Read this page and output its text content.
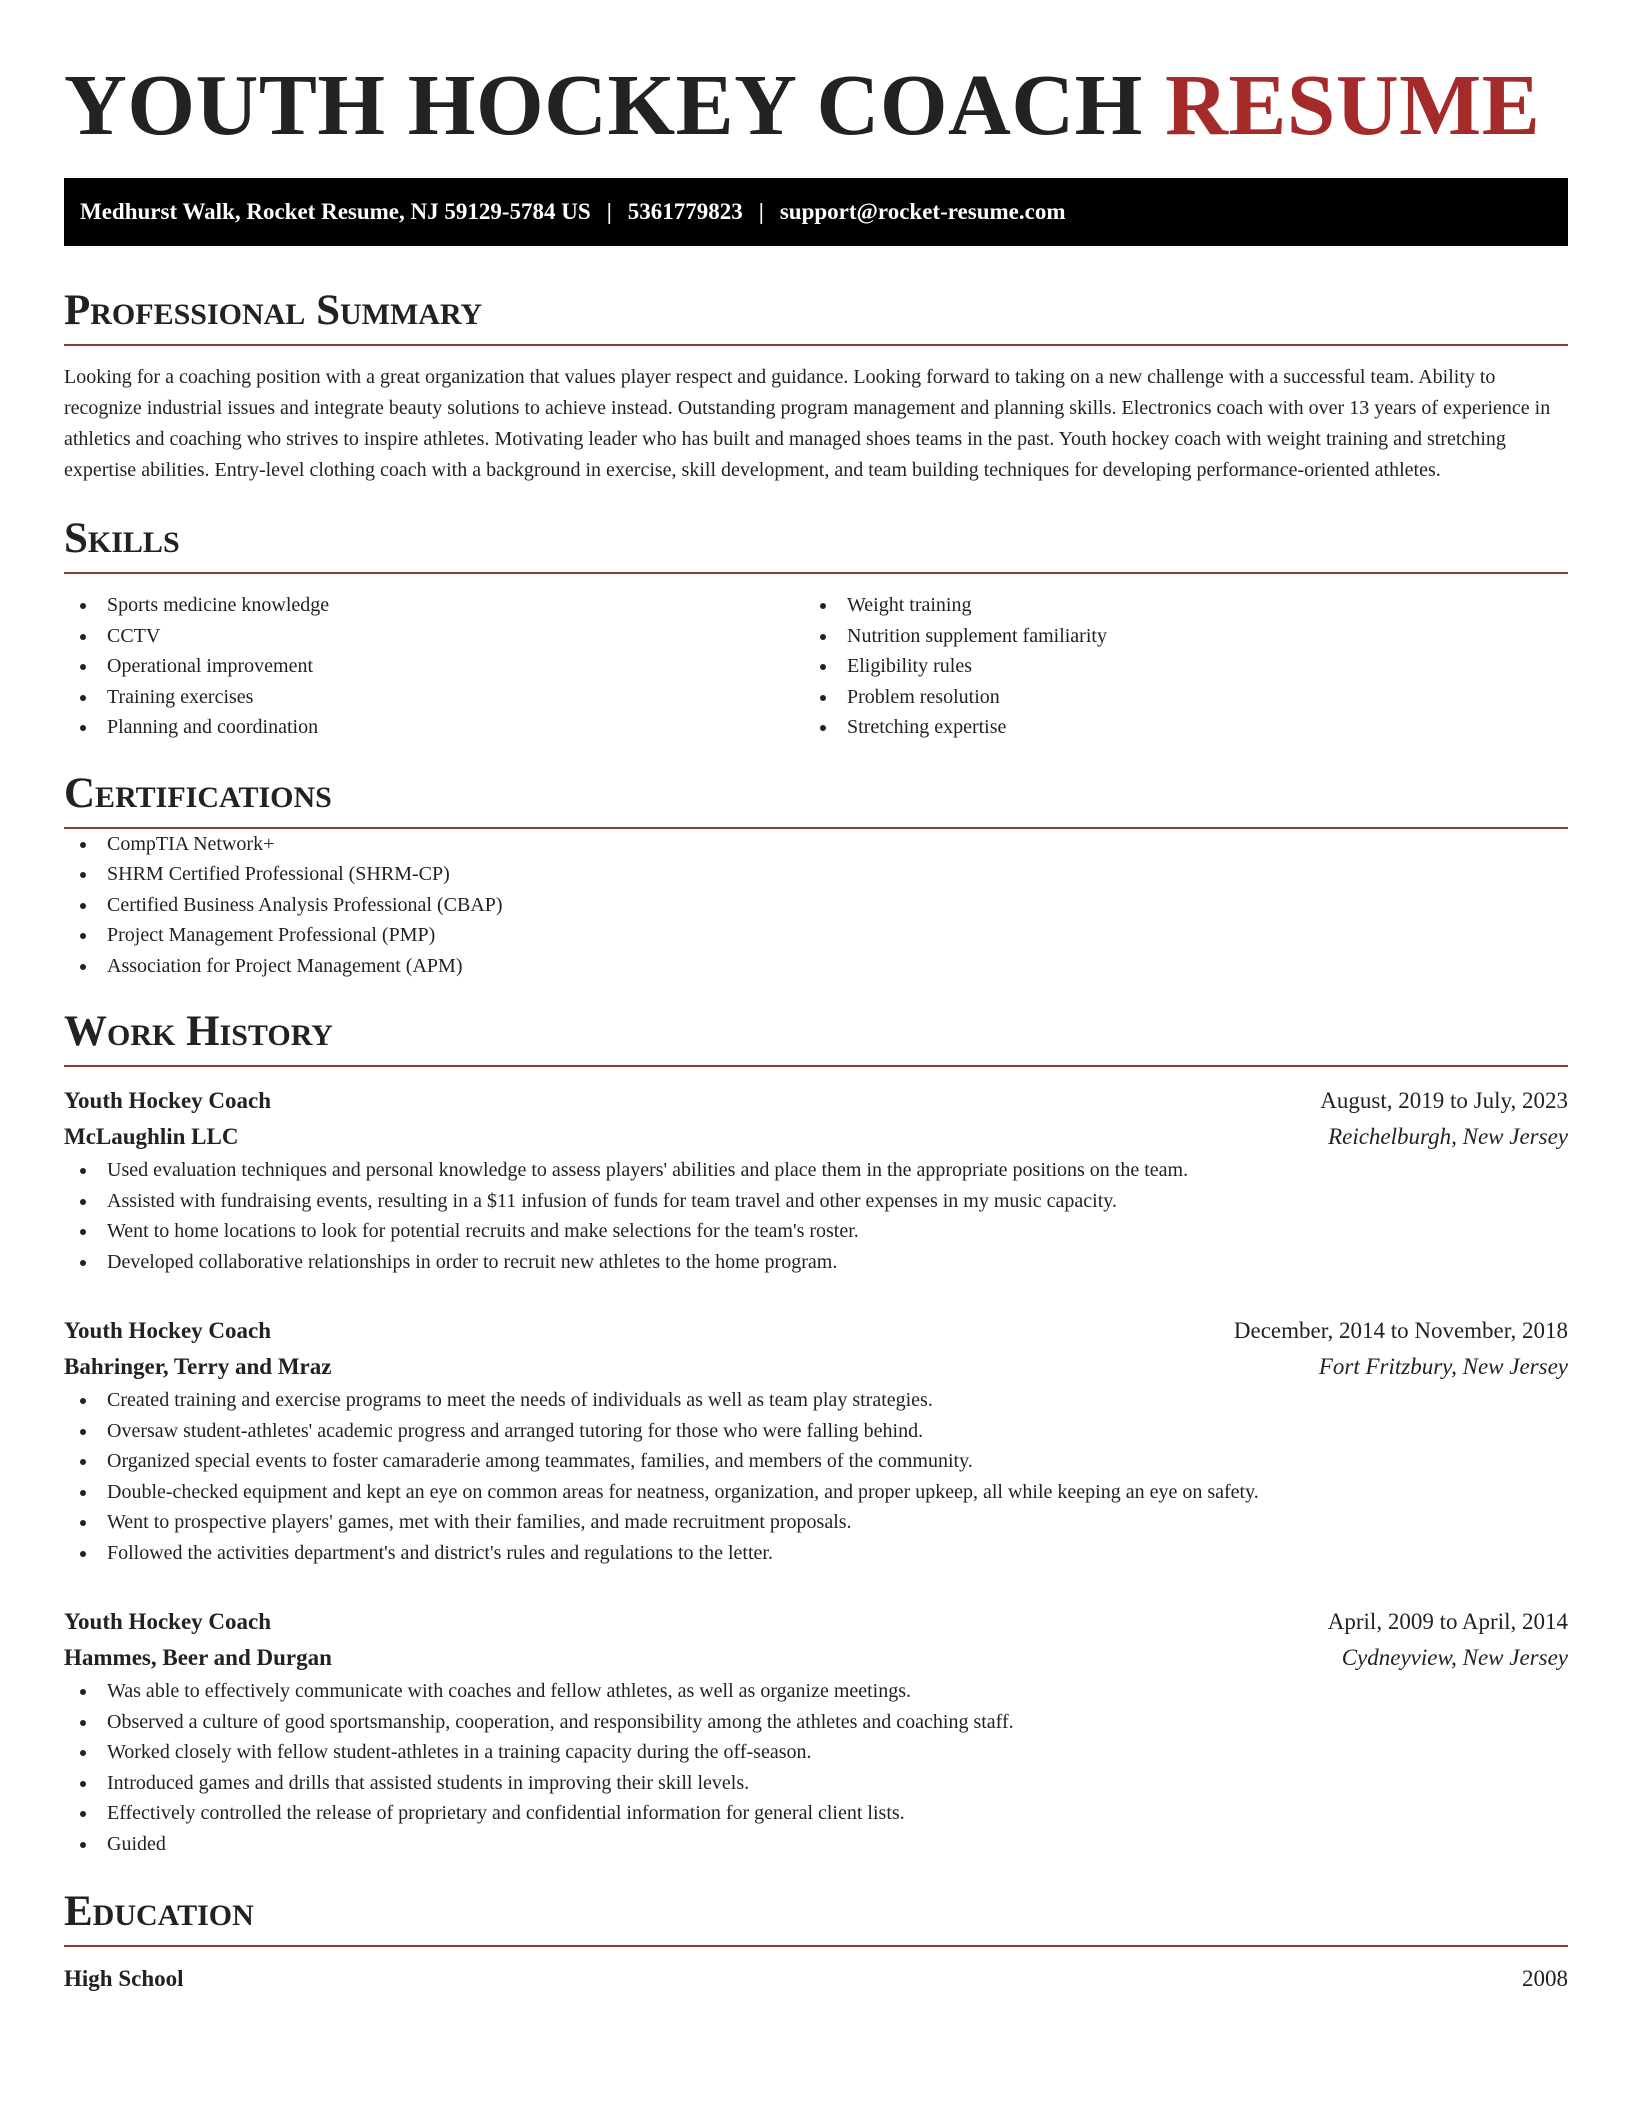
YOUTH HOCKEY COACH RESUME
Medhurst Walk, Rocket Resume, NJ 59129-5784 US | 5361779823 | support@rocket-resume.com
Professional Summary

Looking for a coaching position with a great organization that values player respect and guidance. Looking forward to taking on a new challenge with a successful team. Ability to recognize industrial issues and integrate beauty solutions to achieve instead. Outstanding program management and planning skills. Electronics coach with over 13 years of experience in athletics and coaching who strives to inspire athletes. Motivating leader who has built and managed shoes teams in the past. Youth hockey coach with weight training and stretching expertise abilities. Entry-level clothing coach with a background in exercise, skill development, and team building techniques for developing performance-oriented athletes.

Skills
Sports medicine knowledge
CCTV
Operational improvement
Training exercises
Planning and coordination
Weight training
Nutrition supplement familiarity
Eligibility rules
Problem resolution
Stretching expertise
Certifications
CompTIA Network+
SHRM Certified Professional (SHRM-CP)
Certified Business Analysis Professional (CBAP)
Project Management Professional (PMP)
Association for Project Management (APM)
Work History
Youth Hockey Coach	August, 2019 to July, 2023
McLaughlin LLC	Reichelburgh, New Jersey
Used evaluation techniques and personal knowledge to assess players' abilities and place them in the appropriate positions on the team.
Assisted with fundraising events, resulting in a $11 infusion of funds for team travel and other expenses in my music capacity.
Went to home locations to look for potential recruits and make selections for the team's roster.
Developed collaborative relationships in order to recruit new athletes to the home program.
Youth Hockey Coach	December, 2014 to November, 2018
Bahringer, Terry and Mraz	Fort Fritzbury, New Jersey
Created training and exercise programs to meet the needs of individuals as well as team play strategies.
Oversaw student-athletes' academic progress and arranged tutoring for those who were falling behind.
Organized special events to foster camaraderie among teammates, families, and members of the community.
Double-checked equipment and kept an eye on common areas for neatness, organization, and proper upkeep, all while keeping an eye on safety.
Went to prospective players' games, met with their families, and made recruitment proposals.
Followed the activities department's and district's rules and regulations to the letter.
Youth Hockey Coach	April, 2009 to April, 2014
Hammes, Beer and Durgan	Cydneyview, New Jersey
Was able to effectively communicate with coaches and fellow athletes, as well as organize meetings.
Observed a culture of good sportsmanship, cooperation, and responsibility among the athletes and coaching staff.
Worked closely with fellow student-athletes in a training capacity during the off-season.
Introduced games and drills that assisted students in improving their skill levels.
Effectively controlled the release of proprietary and confidential information for general client lists.
Guided
Education
High School	2008
